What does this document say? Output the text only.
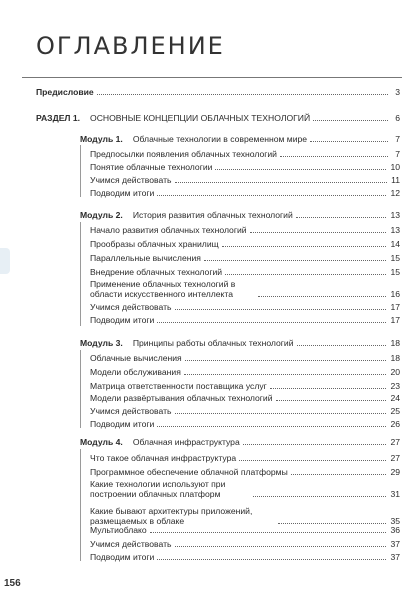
ОГЛАВЛЕНИЕ
Предисловие	3
РАЗДЕЛ 1. ОСНОВНЫЕ КОНЦЕПЦИИ ОБЛАЧНЫХ ТЕХНОЛОГИЙ	6
Модуль 1. Облачные технологии в современном мире	7
Предпосылки появления облачных технологий	7
Понятие облачные технологии	10
Учимся действовать	11
Подводим итоги	12
Модуль 2. История развития облачных технологий	13
Начало развития облачных технологий	13
Прообразы облачных хранилищ	14
Параллельные вычисления	15
Внедрение облачных технологий	15
Применение облачных технологий в области искусственного интеллекта	16
Учимся действовать	17
Подводим итоги	17
Модуль 3. Принципы работы облачных технологий	18
Облачные вычисления	18
Модели обслуживания	20
Матрица ответственности поставщика услуг	23
Модели развёртывания облачных технологий	24
Учимся действовать	25
Подводим итоги	26
Модуль 4. Облачная инфраструктура	27
Что такое облачная инфраструктура	27
Программное обеспечение облачной платформы	29
Какие технологии используют при построении облачных платформ	31
Какие бывают архитектуры приложений, размещаемых в облаке	35
Мультиоблако	36
Учимся действовать	37
Подводим итоги	37
156
